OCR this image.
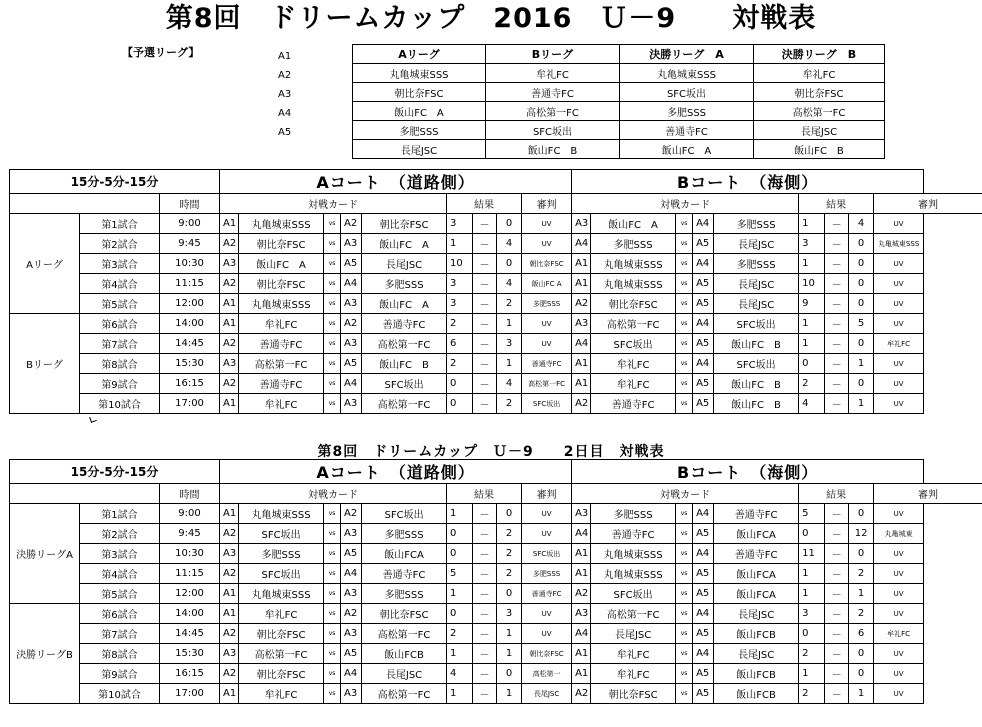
第8回　ドリームカップ　2016　Ｕ－9　　対戦表
【予選リーグ】	A1
A2
A3
A4
A5
Aリーグ	Bリーグ	決勝リーグ　A	決勝リーグ　B
丸亀城東SSS	牟礼FC	丸亀城東SSS	牟礼FC
朝比奈FSC	善通寺FC	SFC坂出	朝比奈FSC
飯山FC　A	高松第一FC	多肥SSS	高松第一FC
多肥SSS	SFC坂出	善通寺FC	長尾JSC
長尾JSC	飯山FC　B	飯山FC　A	飯山FC　B
15分-5分-15分			Aコート　（道路側）									Bコート　（海側）								
		時間	対戦カード					結果			審判	対戦カード					結果			審判
Aリーグ	第1試合	9:00	A1	丸亀城東SSS	vs	A2	朝比奈FSC	3	－	0	UV	A3	飯山FC　A	vs	A4	多肥SSS	1	－	4	UV
	第2試合	9:45	A2	朝比奈FSC	vs	A3	飯山FC　A	1	－	4	UV	A4	多肥SSS	vs	A5	長尾JSC	3	－	0	丸亀城東SSS
	第3試合	10:30	A3	飯山FC　A	vs	A5	長尾JSC	10	－	0	朝比奈FSC	A1	丸亀城東SSS	vs	A4	多肥SSS	1	－	0	UV
	第4試合	11:15	A2	朝比奈FSC	vs	A4	多肥SSS	3	－	4	飯山FC A	A1	丸亀城東SSS	vs	A5	長尾JSC	10	－	0	UV
	第5試合	12:00	A1	丸亀城東SSS	vs	A3	飯山FC　A	3	－	2	多肥SSS	A2	朝比奈FSC	vs	A5	長尾JSC	9	－	0	UV
Bリーグ	第6試合	14:00	A1	牟礼FC	vs	A2	善通寺FC	2	－	1	UV	A3	高松第一FC	vs	A4	SFC坂出	1	－	5	UV
	第7試合	14:45	A2	善通寺FC	vs	A3	高松第一FC	6	－	3	UV	A4	SFC坂出	vs	A5	飯山FC　B	1	－	0	牟礼FC
	第8試合	15:30	A3	高松第一FC	vs	A5	飯山FC　B	2	－	1	善通寺FC	A1	牟礼FC	vs	A4	SFC坂出	0	－	1	UV
	第9試合	16:15	A2	善通寺FC	vs	A4	SFC坂出	0	－	4	高松第一FC	A1	牟礼FC	vs	A5	飯山FC　B	2	－	0	UV
	第10試合	17:00	A1	牟礼FC	vs	A3	高松第一FC	0	－	2	SFC坂出	A2	善通寺FC	vs	A5	飯山FC　B	4	－	1	UV
第8回　ドリームカップ　Ｕ－9　　2日目　対戦表
15分-5分-15分			Aコート　（道路側）									Bコート　（海側）								
		時間	対戦カード					結果			審判	対戦カード					結果			審判
決勝リーグA	第1試合	9:00	A1	丸亀城東SSS	vs	A2	SFC坂出	1	－	0	UV	A3	多肥SSS	vs	A4	善通寺FC	5	－	0	UV
	第2試合	9:45	A2	SFC坂出	vs	A3	多肥SSS	0	－	2	UV	A4	善通寺FC	vs	A5	飯山FCA	0	－	12	丸亀城東
	第3試合	10:30	A3	多肥SSS	vs	A5	飯山FCA	0	－	2	SFC坂出	A1	丸亀城東SSS	vs	A4	善通寺FC	11	－	0	UV
	第4試合	11:15	A2	SFC坂出	vs	A4	善通寺FC	5	－	2	多肥SSS	A1	丸亀城東SSS	vs	A5	飯山FCA	1	－	2	UV
	第5試合	12:00	A1	丸亀城東SSS	vs	A3	多肥SSS	1	－	0	善通寺FC	A2	SFC坂出	vs	A5	飯山FCA	1	－	1	UV
決勝リーグB	第6試合	14:00	A1	牟礼FC	vs	A2	朝比奈FSC	0	－	3	UV	A3	高松第一FC	vs	A4	長尾JSC	3	－	2	UV
	第7試合	14:45	A2	朝比奈FSC	vs	A3	高松第一FC	2	－	1	UV	A4	長尾JSC	vs	A5	飯山FCB	0	－	6	牟礼FC
	第8試合	15:30	A3	高松第一FC	vs	A5	飯山FCB	1	－	1	朝比奈FSC	A1	牟礼FC	vs	A4	長尾JSC	2	－	0	UV
	第9試合	16:15	A2	朝比奈FSC	vs	A4	長尾JSC	4	－	0	高松第一	A1	牟礼FC	vs	A5	飯山FCB	1	－	0	UV
	第10試合	17:00	A1	牟礼FC	vs	A3	高松第一FC	1	－	1	長尾JSC	A2	朝比奈FSC	vs	A5	飯山FCB	2	－	1	UV
